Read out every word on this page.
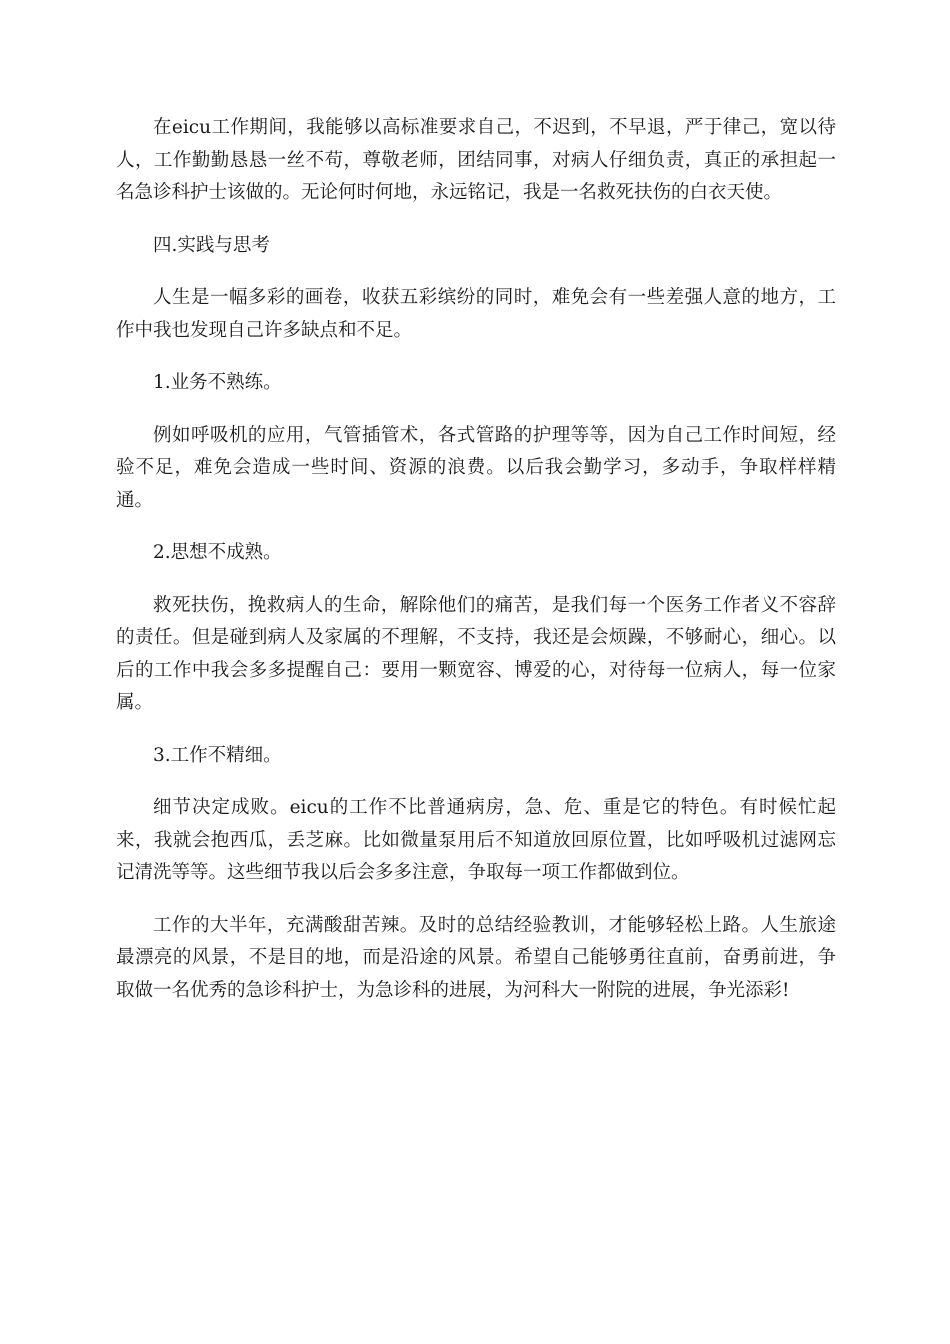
在eicu工作期间，我能够以高标准要求自己，不迟到，不早退，严于律己，宽以待人，工作勤勤恳恳一丝不苟，尊敬老师，团结同事，对病人仔细负责，真正的承担起一名急诊科护士该做的。无论何时何地，永远铭记，我是一名救死扶伤的白衣天使。

四.实践与思考

人生是一幅多彩的画卷，收获五彩缤纷的同时，难免会有一些差强人意的地方，工作中我也发现自己许多缺点和不足。

1.业务不熟练。

例如呼吸机的应用，气管插管术，各式管路的护理等等，因为自己工作时间短，经验不足，难免会造成一些时间、资源的浪费。以后我会勤学习，多动手，争取样样精通。

2.思想不成熟。

救死扶伤，挽救病人的生命，解除他们的痛苦，是我们每一个医务工作者义不容辞的责任。但是碰到病人及家属的不理解，不支持，我还是会烦躁，不够耐心，细心。以后的工作中我会多多提醒自己：要用一颗宽容、博爱的心，对待每一位病人，每一位家属。

3.工作不精细。

细节决定成败。eicu的工作不比普通病房，急、危、重是它的特色。有时候忙起来，我就会抱西瓜，丢芝麻。比如微量泵用后不知道放回原位置，比如呼吸机过滤网忘记清洗等等。这些细节我以后会多多注意，争取每一项工作都做到位。

工作的大半年，充满酸甜苦辣。及时的总结经验教训，才能够轻松上路。人生旅途最漂亮的风景，不是目的地，而是沿途的风景。希望自己能够勇往直前，奋勇前进，争取做一名优秀的急诊科护士，为急诊科的进展，为河科大一附院的进展，争光添彩!
